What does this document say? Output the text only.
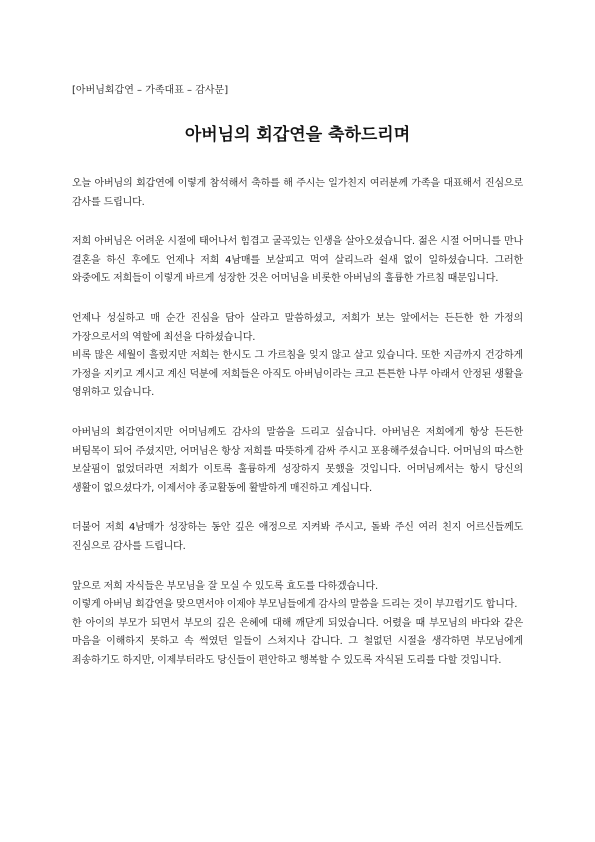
[아버님회갑연 – 가족대표 – 감사문]
아버님의 회갑연을 축하드리며

오늘 아버님의 회갑연에 이렇게 참석해서 축하를 해 주시는 일가친지 여러분께 가족을 대표해서 진심으로 감사를 드립니다.

저희 아버님은 어려운 시절에 태어나서 힘겹고 굴곡있는 인생을 살아오셨습니다. 젊은 시절 어머니를 만나 결혼을 하신 후에도 언제나 저희 4남매를 보살피고 먹여 살리느라 쉴새 없이 일하셨습니다. 그러한 와중에도 저희들이 이렇게 바르게 성장한 것은 어머님을 비롯한 아버님의 훌륭한 가르침 때문입니다.

언제나 성실하고 매 순간 진심을 담아 살라고 말씀하셨고, 저희가 보는 앞에서는 든든한 한 가정의 가장으로서의 역할에 최선을 다하셨습니다.

비록 많은 세월이 흘렀지만 저희는 한시도 그 가르침을 잊지 않고 살고 있습니다. 또한 지금까지 건강하게 가정을 지키고 계시고 계신 덕분에 저희들은 아직도 아버님이라는 크고 튼튼한 나무 아래서 안정된 생활을 영위하고 있습니다.

아버님의 회갑연이지만 어머님께도 감사의 말씀을 드리고 싶습니다. 아버님은 저희에게 항상 든든한 버팀목이 되어 주셨지만, 어머님은 항상 저희를 따뜻하게 감싸 주시고 포용해주셨습니다. 어머님의 따스한 보살핌이 없었더라면 저희가 이토록 훌륭하게 성장하지 못했을 것입니다. 어머님께서는 항시 당신의 생활이 없으셨다가, 이제서야 종교활동에 활발하게 매진하고 계십니다.

더불어 저희 4남매가 성장하는 동안 깊은 애정으로 지켜봐 주시고, 돌봐 주신 여러 친지 어르신들께도 진심으로 감사를 드립니다.

앞으로 저희 자식들은 부모님을 잘 모실 수 있도록 효도를 다하겠습니다.

이렇게 아버님 회갑연을 맞으면서야 이제야 부모님들에게 감사의 말씀을 드리는 것이 부끄럽기도 합니다.

한 아이의 부모가 되면서 부모의 깊은 은혜에 대해 깨닫게 되었습니다. 어렸을 때 부모님의 바다와 같은 마음을 이해하지 못하고 속 썩였던 일들이 스쳐지나 갑니다. 그 철없던 시절을 생각하면 부모님에게 죄송하기도 하지만, 이제부터라도 당신들이 편안하고 행복할 수 있도록 자식된 도리를 다할 것입니다.
